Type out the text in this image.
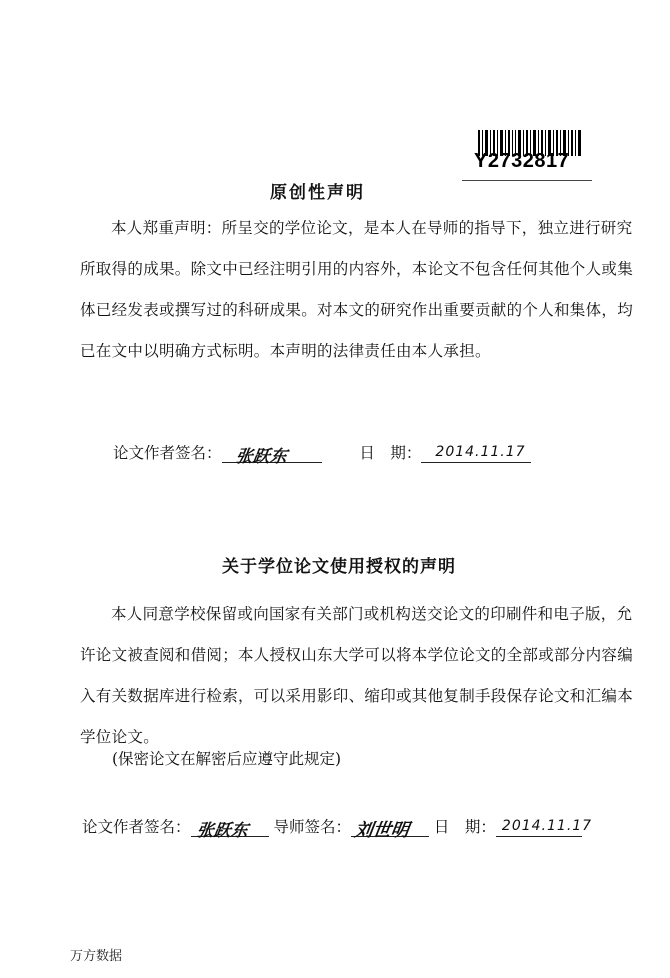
Y2732817
原创性声明
本人郑重声明：所呈交的学位论文，是本人在导师的指导下，独立进行研究所取得的成果。除文中已经注明引用的内容外，本论文不包含任何其他个人或集体已经发表或撰写过的科研成果。对本文的研究作出重要贡献的个人和集体，均已在文中以明确方式标明。本声明的法律责任由本人承担。
论文作者签名： 张跃东	日　期： 2014.11.17
关于学位论文使用授权的声明
本人同意学校保留或向国家有关部门或机构送交论文的印刷件和电子版，允许论文被查阅和借阅；本人授权山东大学可以将本学位论文的全部或部分内容编入有关数据库进行检索，可以采用影印、缩印或其他复制手段保存论文和汇编本学位论文。
(保密论文在解密后应遵守此规定)
论文作者签名： 张跃东 导师签名： 刘世明 日　期： 2014.11.17
万方数据
